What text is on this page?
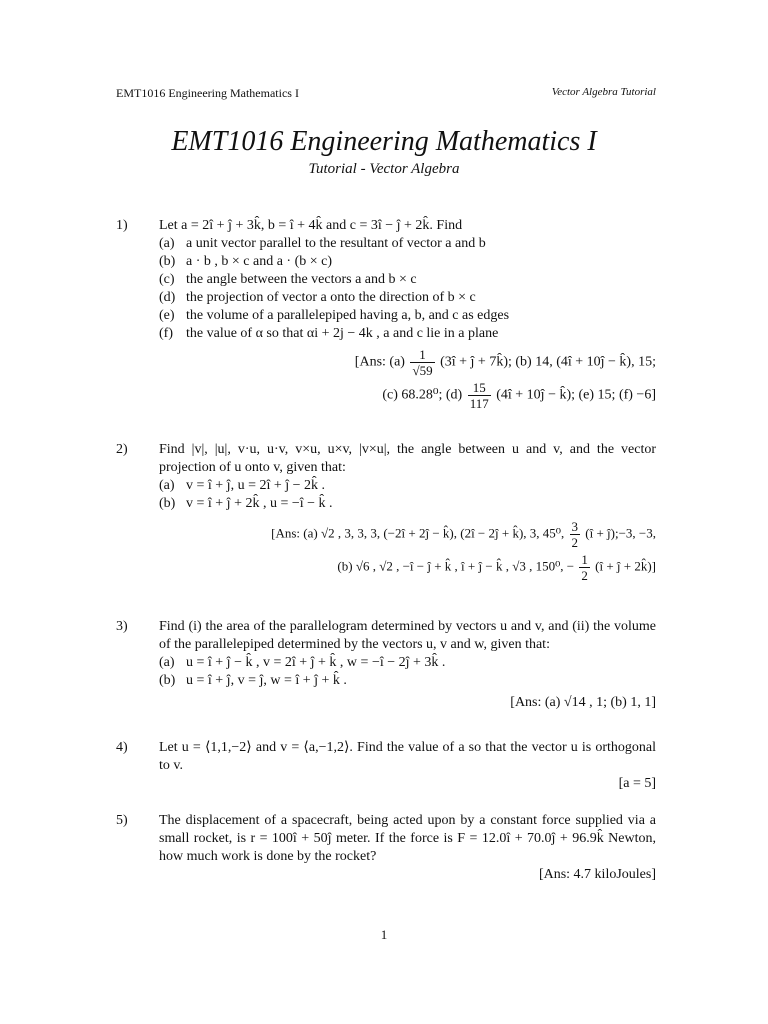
EMT1016 Engineering Mathematics I	Vector Algebra Tutorial
EMT1016 Engineering Mathematics I
Tutorial - Vector Algebra
1)	Let a = 2î + ĵ + 3k̂, b = î + 4k̂ and c = 3î − ĵ + 2k̂. Find
(a) a unit vector parallel to the resultant of vector a and b
(b) a · b , b × c and a · (b × c)
(c) the angle between the vectors a and b × c
(d) the projection of vector a onto the direction of b × c
(e) the volume of a parallelepiped having a, b, and c as edges
(f) the value of α so that αi + 2j − 4k , a and c lie in a plane
[Ans: $(a) \frac{1}{√59}$ (3î + ĵ + 7k̂); (b) 14, (4î + 10ĵ − k̂), 15;
(c) 68.28⁰; $(d) \frac{15}{117}$ (4î + 10ĵ − k̂); (e) 15; (f) −6]
2)	Find |v|, |u|, v·u, u·v, v×u, u×v, |v×u|, the angle between u and v, and the vector projection of u onto v, given that:
(a) v = î + ĵ, u = 2î + ĵ − 2k̂ .
(b) v = î + ĵ + 2k̂ , u = −î − k̂ .
[Ans: (a) √2 , 3, 3, 3, (−2î + 2ĵ − k̂), (2î − 2ĵ + k̂), 3, 45⁰, $\frac{3}{2}$ (î + ĵ);−3, −3,
(b) √6 , √2 , −î − ĵ + k̂ , î + ĵ − k̂ , √3 , 150⁰, − $\frac{1}{2}$ (î + ĵ + 2k̂)]
3)	Find (i) the area of the parallelogram determined by vectors u and v, and (ii) the volume of the parallelepiped determined by the vectors u, v and w, given that:
(a) u = î + ĵ − k̂ , v = 2î + ĵ + k̂ , w = −î − 2ĵ + 3k̂ .
(b) u = î + ĵ, v = ĵ, w = î + ĵ + k̂ .
[Ans: (a) √14 , 1; (b) 1, 1]
4)	Let u = ⟨1,1,−2⟩ and v = ⟨a,−1,2⟩. Find the value of a so that the vector u is orthogonal to v.
[a = 5]
5)	The displacement of a spacecraft, being acted upon by a constant force supplied via a small rocket, is r = 100î + 50ĵ meter. If the force is F = 12.0î + 70.0ĵ + 96.9k̂ Newton, how much work is done by the rocket?
[Ans: 4.7 kiloJoules]
1
